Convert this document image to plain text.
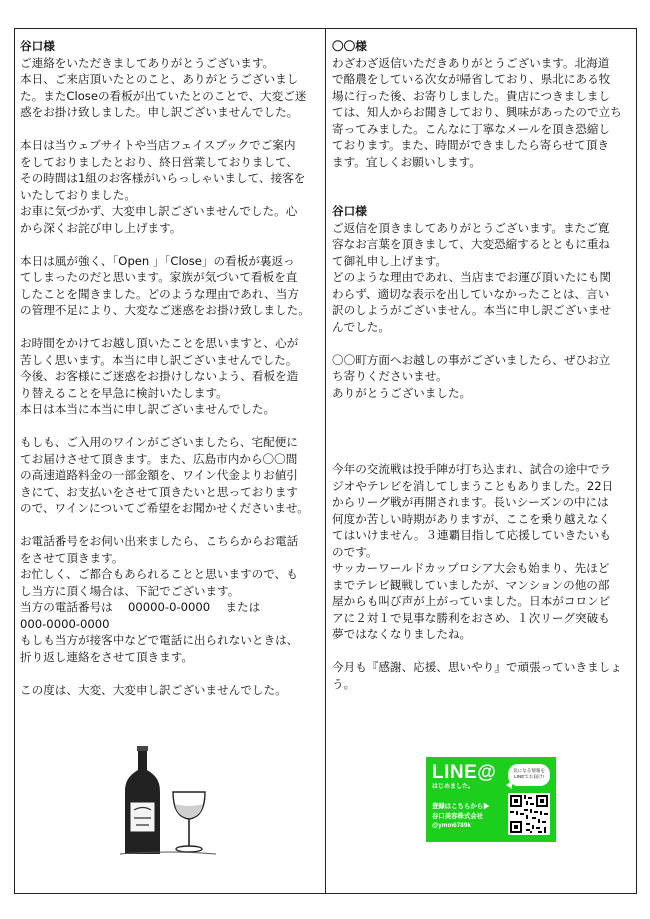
谷口様

ご連絡をいただきましてありがとうございます。
本日、ご来店頂いたとのこと、ありがとうございまし
た。またCloseの看板が出ていたとのことで、大変ご迷
惑をお掛け致しました。申し訳ございませんでした。

本日は当ウェブサイトや当店フェイスブックでご案内
をしておりましたとおり、終日営業しておりまして、
その時間は1組のお客様がいらっしゃいまして、接客を
いたしておりました。
お車に気づかず、大変申し訳ございませんでした。心
から深くお詫び申し上げます。

本日は風が強く、「Open 」「Close」の看板が裏返っ
てしまったのだと思います。家族が気づいて看板を直
したことを聞きました。どのような理由であれ、当方
の管理不足により、大変なご迷惑をお掛け致しました。

お時間をかけてお越し頂いたことを思いますと、心が
苦しく思います。本当に申し訳ございませんでした。
今後、お客様にご迷惑をお掛けしないよう、看板を造
り替えることを早急に検討いたします。
本日は本当に本当に申し訳ございませんでした。

もしも、ご入用のワインがございましたら、宅配便に
てお届けさせて頂きます。また、広島市内から〇〇間
の高速道路料金の一部金額を、ワイン代金よりお値引
きにて、お支払いをさせて頂きたいと思っております
ので、ワインについてご希望をお聞かせくださいませ。

お電話番号をお伺い出来ましたら、こちらからお電話
をさせて頂きます。
お忙しく、ご都合もあられることと思いますので、も
し当方に頂く場合は、下記でございます。
当方の電話番号は　 00000-0-0000　 または
000-0000-0000
もしも当方が接客中などで電話に出られないときは、
折り返し連絡をさせて頂きます。

この度は、大変、大変申し訳ございませんでした。

〇〇様

わざわざ返信いただきありがとうございます。北海道
で酪農をしている次女が帰省しており、県北にある牧
場に行った後、お寄りしました。貴店につきましまし
ては、知人からお聞きしており、興味があったので立ち
寄ってみました。こんなに丁寧なメールを頂き恐縮し
ております。また、時間ができましたら寄らせて頂き
ます。宜しくお願いします。

谷口様

ご返信を頂きましてありがとうございます。またご寛
容なお言葉を頂きまして、大変恐縮するとともに重ね
て御礼申し上げます。
どのような理由であれ、当店までお運び頂いたにも関
わらず、適切な表示を出していなかったことは、言い
訳のしようがございません。本当に申し訳ございませ
んでした。

〇〇町方面へお越しの事がございましたら、ぜひお立
ち寄りくださいませ。
ありがとうございました。

今年の交流戦は投手陣が打ち込まれ、試合の途中でラ
ジオやテレビを消してしまうこともありました。22日
からリーグ戦が再開されます。長いシーズンの中には
何度か苦しい時期がありますが、ここを乗り越えなく
てはいけません。３連覇目指して応援していきたいも
のです。
サッカーワールドカップロシア大会も始まり、先ほど
までテレビ観戦していましたが、マンションの他の部
屋からも叫び声が上がっていました。日本がコロンビ
アに２対１で見事な勝利をおさめ、１次リーグ突破も
夢ではなくなりましたね。

今月も『感謝、応援、思いやり』で頑張っていきましょ
う。

LINE@
はじめました。
気になる情報を
LINEでお届け!
登録はこちらから▶
谷口美容株式会社
@ymm6789k
